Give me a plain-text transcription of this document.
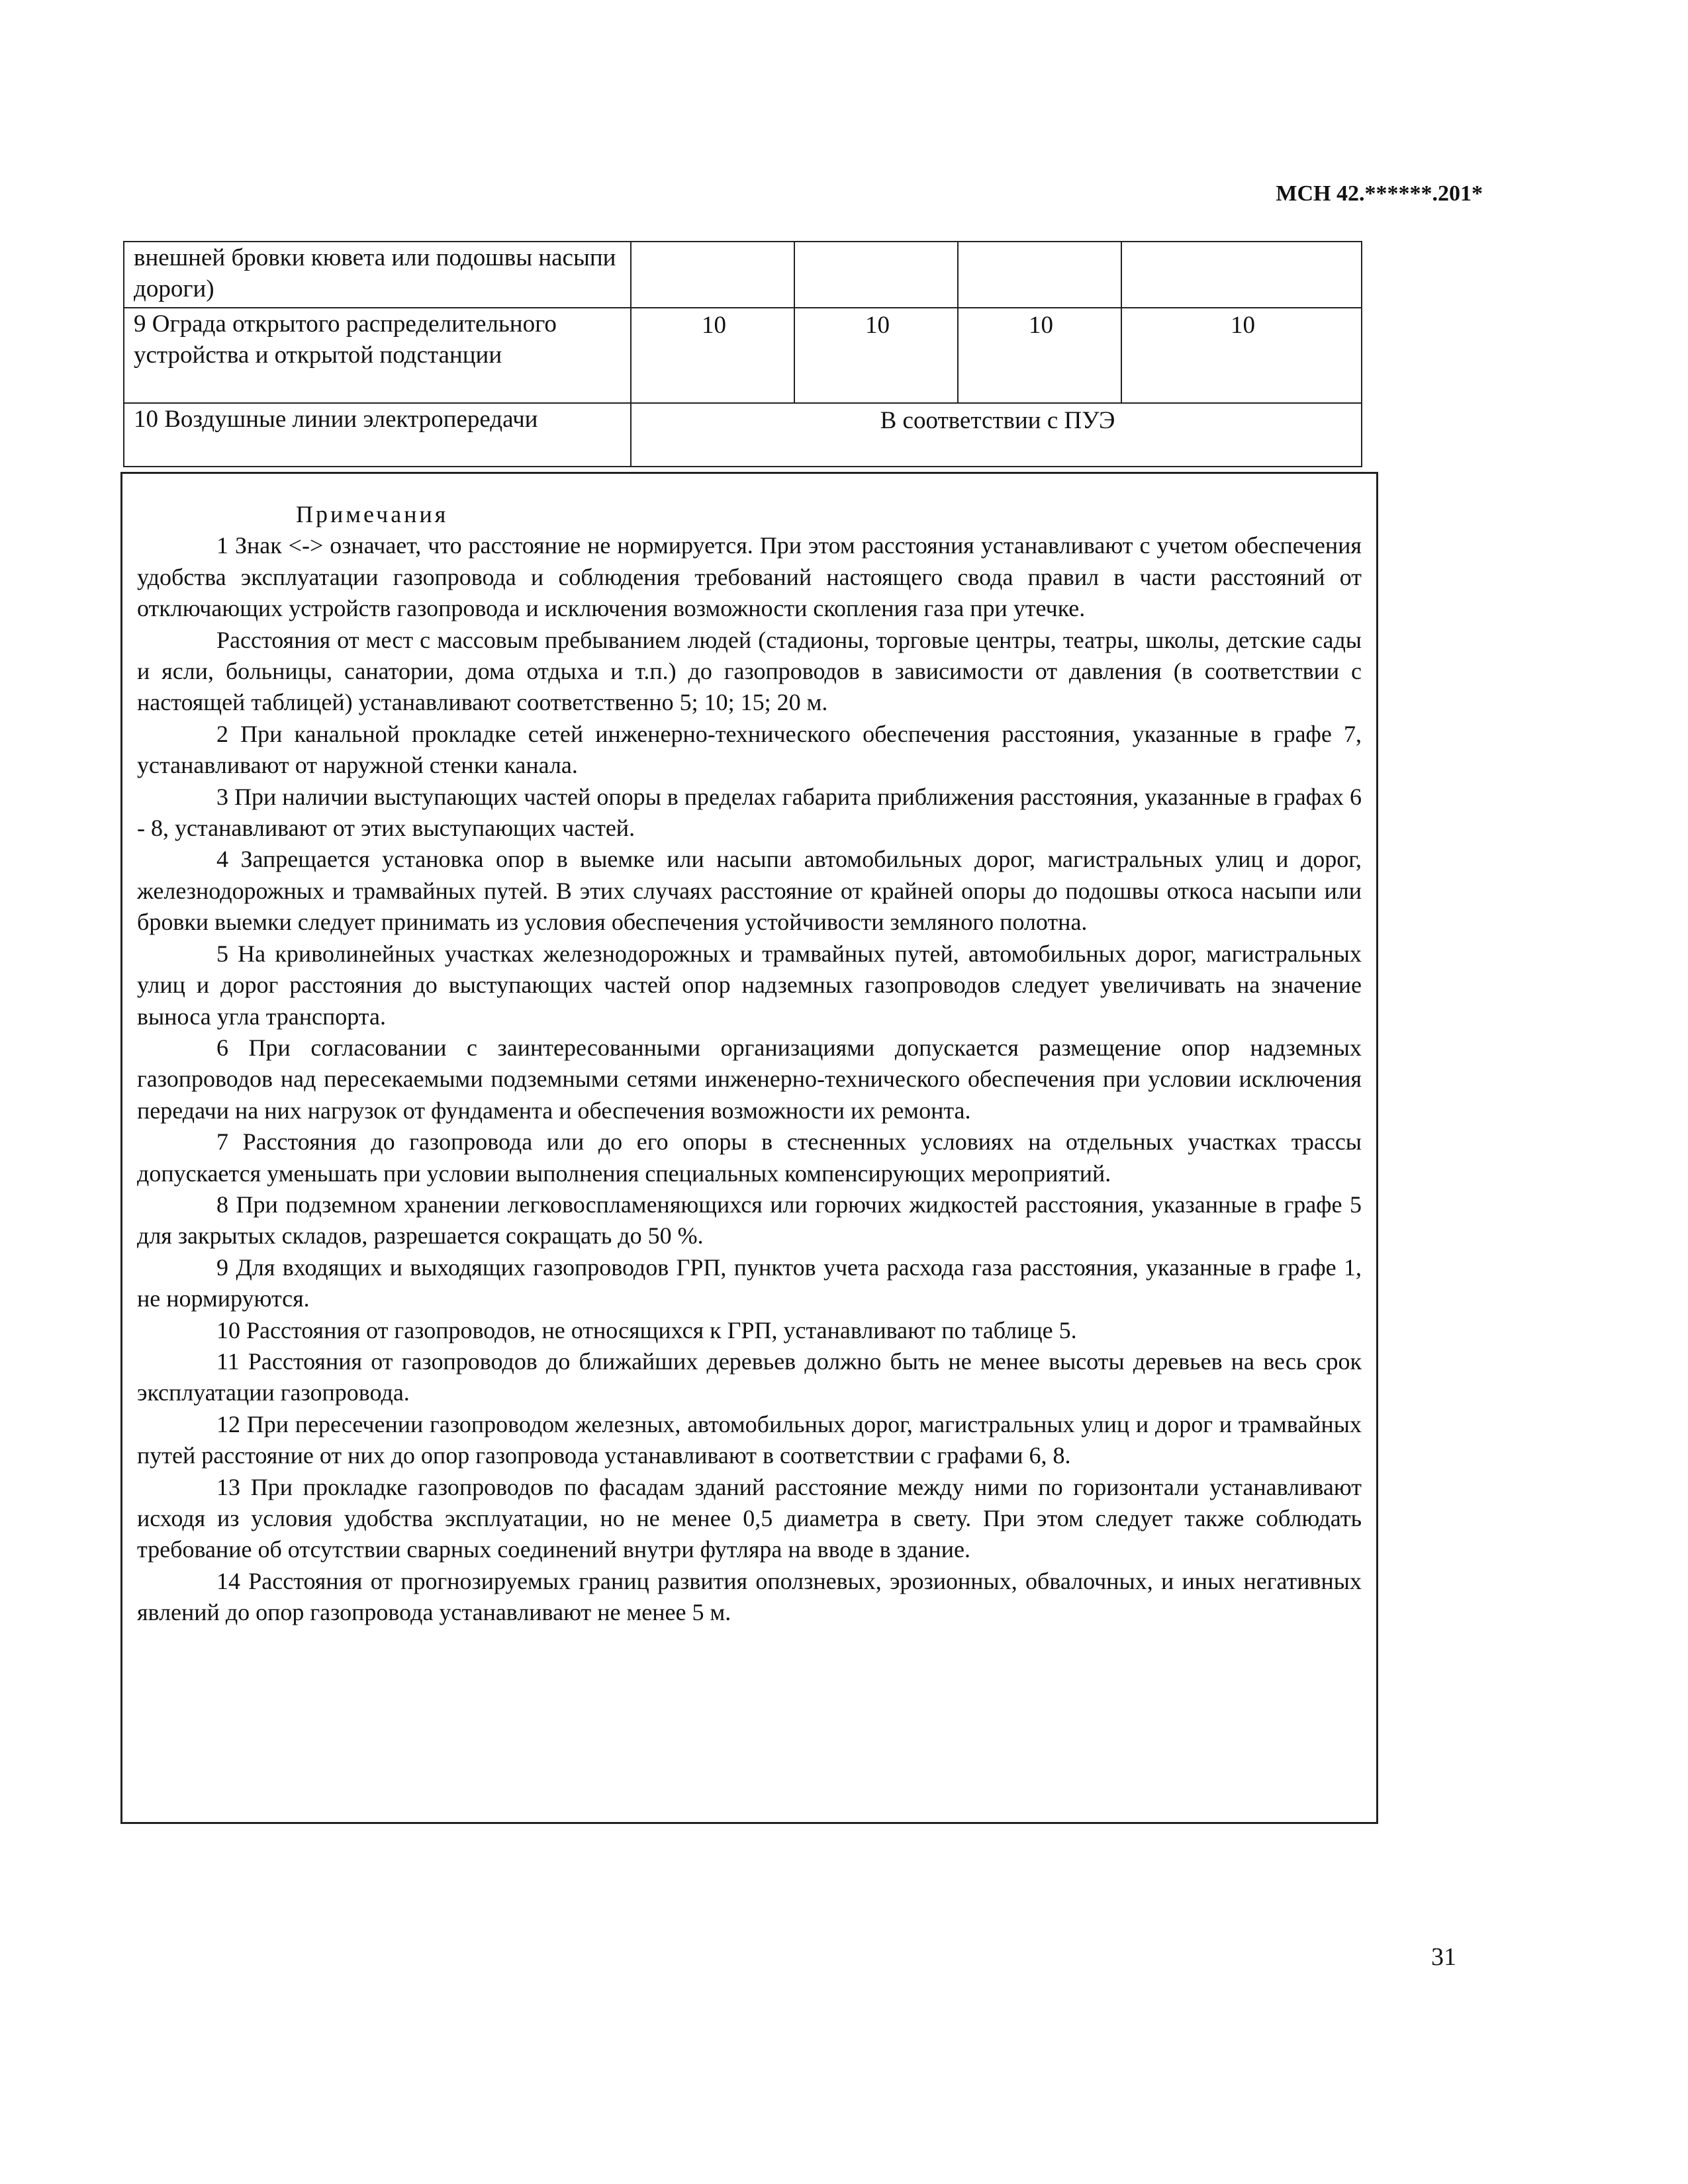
МСН 42.******.201*
внешней бровки кювета или подошвы насыпи дороги)				
9 Ограда открытого распределительного устройства и открытой подстанции	10	10	10	10
10 Воздушные линии электропередачи	В соответствии с ПУЭ			

Примечания

1 Знак <-> означает, что расстояние не нормируется. При этом расстояния устанавливают с учетом обеспечения удобства эксплуатации газопровода и соблюдения требований настоящего свода правил в части расстояний от отключающих устройств газопровода и исключения возможности скопления газа при утечке.

Расстояния от мест с массовым пребыванием людей (стадионы, торговые центры, театры, школы, детские сады и ясли, больницы, санатории, дома отдыха и т.п.) до газопроводов в зависимости от давления (в соответствии с настоящей таблицей) устанавливают соответственно 5; 10; 15; 20 м.

2 При канальной прокладке сетей инженерно-технического обеспечения расстояния, указанные в графе 7, устанавливают от наружной стенки канала.

3 При наличии выступающих частей опоры в пределах габарита приближения расстояния, указанные в графах 6 - 8, устанавливают от этих выступающих частей.

4 Запрещается установка опор в выемке или насыпи автомобильных дорог, магистральных улиц и дорог, железнодорожных и трамвайных путей. В этих случаях расстояние от крайней опоры до подошвы откоса насыпи или бровки выемки следует принимать из условия обеспечения устойчивости земляного полотна.

5 На криволинейных участках железнодорожных и трамвайных путей, автомобильных дорог, магистральных улиц и дорог расстояния до выступающих частей опор надземных газопроводов следует увеличивать на значение выноса угла транспорта.

6 При согласовании с заинтересованными организациями допускается размещение опор надземных газопроводов над пересекаемыми подземными сетями инженерно-технического обеспечения при условии исключения передачи на них нагрузок от фундамента и обеспечения возможности их ремонта.

7 Расстояния до газопровода или до его опоры в стесненных условиях на отдельных участках трассы допускается уменьшать при условии выполнения специальных компенсирующих мероприятий.

8 При подземном хранении легковоспламеняющихся или горючих жидкостей расстояния, указанные в графе 5 для закрытых складов, разрешается сокращать до 50 %.

9 Для входящих и выходящих газопроводов ГРП, пунктов учета расхода газа расстояния, указанные в графе 1, не нормируются.

10 Расстояния от газопроводов, не относящихся к ГРП, устанавливают по таблице 5.

11 Расстояния от газопроводов до ближайших деревьев должно быть не менее высоты деревьев на весь срок эксплуатации газопровода.

12 При пересечении газопроводом железных, автомобильных дорог, магистральных улиц и дорог и трамвайных путей расстояние от них до опор газопровода устанавливают в соответствии с графами 6, 8.

13 При прокладке газопроводов по фасадам зданий расстояние между ними по горизонтали устанавливают исходя из условия удобства эксплуатации, но не менее 0,5 диаметра в свету. При этом следует также соблюдать требование об отсутствии сварных соединений внутри футляра на вводе в здание.

14 Расстояния от прогнозируемых границ развития оползневых, эрозионных, обвалочных, и иных негативных явлений до опор газопровода устанавливают не менее 5 м.

31
